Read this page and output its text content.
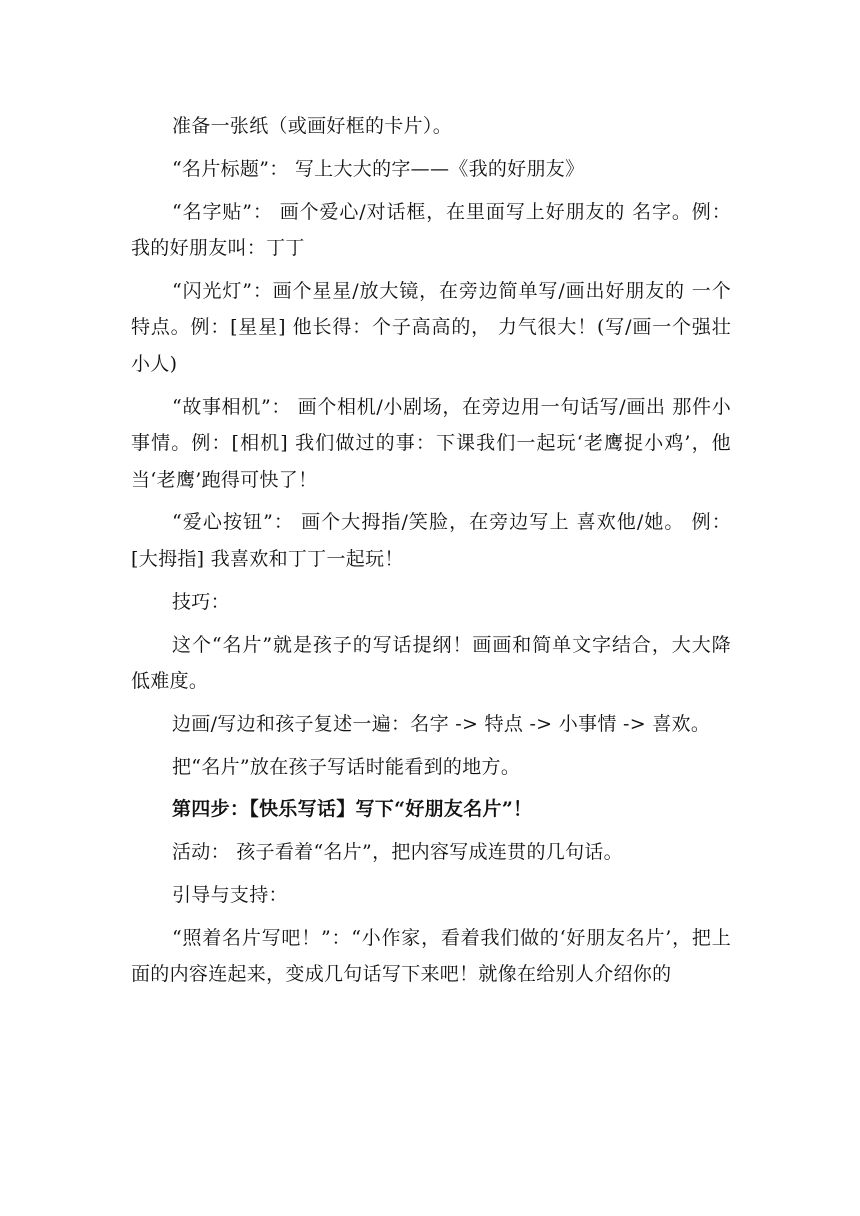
准备一张纸（或画好框的卡片）。

“名片标题”： 写上大大的字——《我的好朋友》

“名字贴”： 画个爱心/对话框，在里面写上好朋友的 名字。例：我的好朋友叫：丁丁

“闪光灯”：画个星星/放大镜，在旁边简单写/画出好朋友的 一个特点。例：[星星] 他长得：个子高高的， 力气很大！(写/画一个强壮小人)

“故事相机”： 画个相机/小剧场，在旁边用一句话写/画出 那件小事情。例：[相机] 我们做过的事：下课我们一起玩‘老鹰捉小鸡’，他当‘老鹰’跑得可快了！

“爱心按钮”： 画个大拇指/笑脸，在旁边写上 喜欢他/她。 例：[大拇指] 我喜欢和丁丁一起玩！

技巧：

这个“名片”就是孩子的写话提纲！画画和简单文字结合，大大降低难度。

边画/写边和孩子复述一遍：名字 -> 特点 -> 小事情 -> 喜欢。

把“名片”放在孩子写话时能看到的地方。

第四步：【快乐写话】写下“好朋友名片”！

活动： 孩子看着“名片”，把内容写成连贯的几句话。

引导与支持：

“照着名片写吧！”：“小作家，看着我们做的‘好朋友名片’，把上面的内容连起来，变成几句话写下来吧！就像在给别人介绍你的
